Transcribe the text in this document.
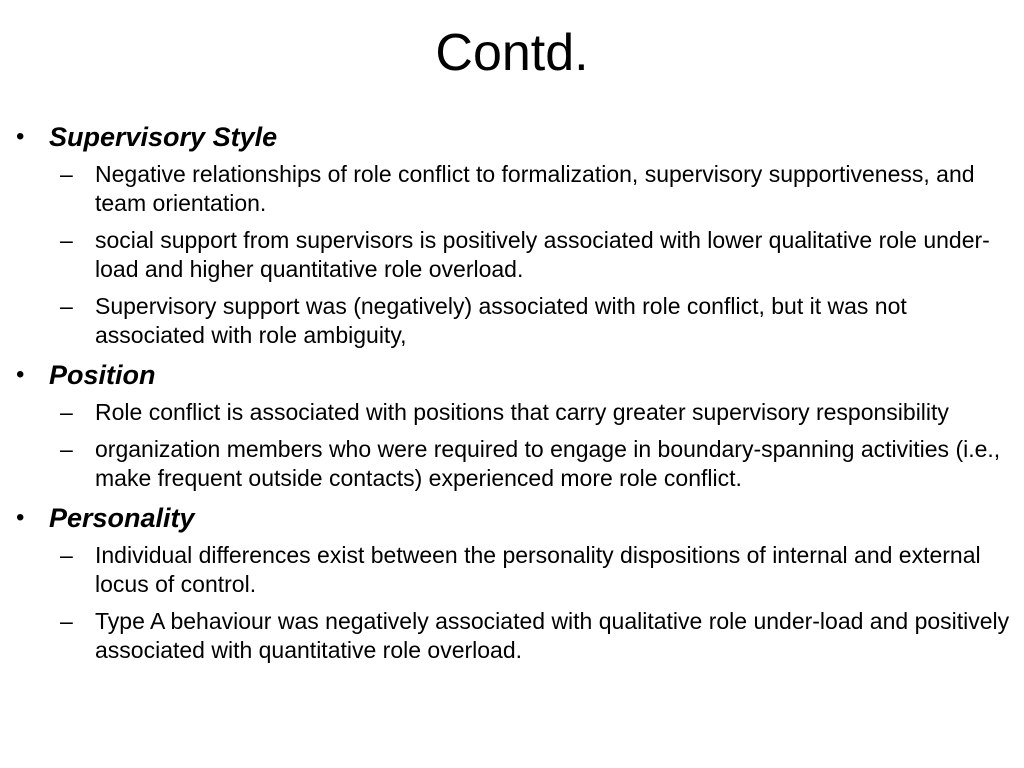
Contd.
• Supervisory Style
– Negative relationships of role conflict to formalization, supervisory supportiveness, and team orientation.
– social support from supervisors is positively associated with lower qualitative role under-load and higher quantitative role overload.
– Supervisory support was (negatively) associated with role conflict, but it was not associated with role ambiguity,
• Position
– Role conflict is associated with positions that carry greater supervisory responsibility
– organization members who were required to engage in boundary-spanning activities (i.e., make frequent outside contacts) experienced more role conflict.
• Personality
– Individual differences exist between the personality dispositions of internal and external locus of control.
– Type A behaviour was negatively associated with qualitative role under-load and positively associated with quantitative role overload.
